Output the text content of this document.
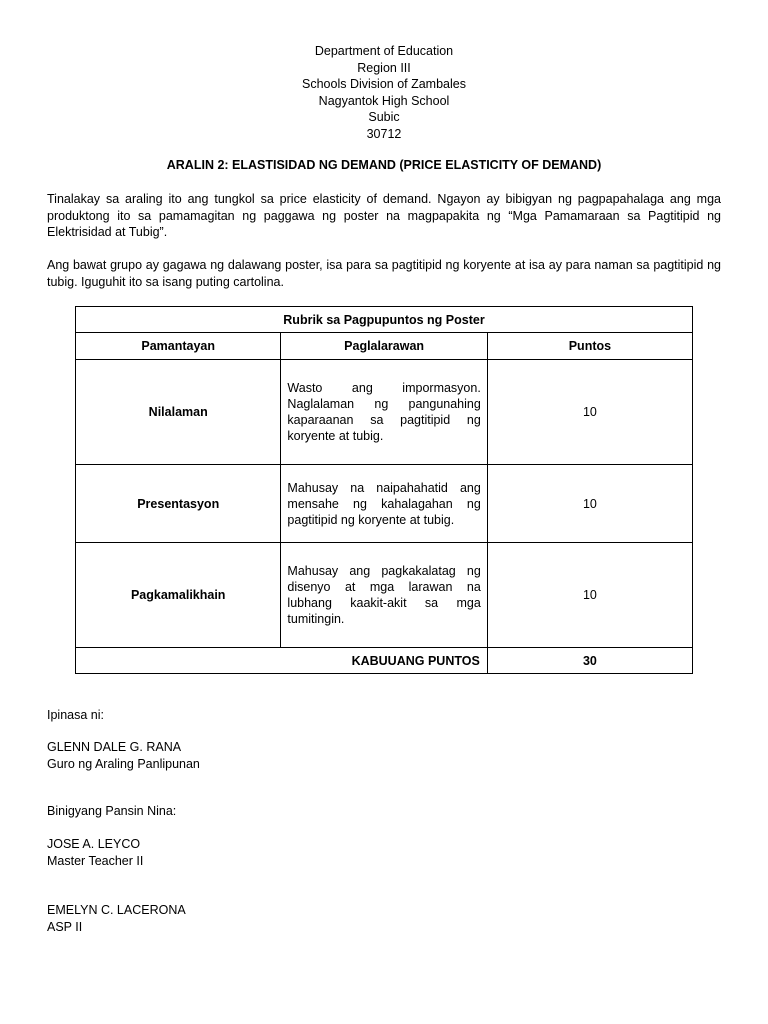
Department of Education
Region III
Schools Division of Zambales
Nagyantok High School
Subic
30712
ARALIN 2: ELASTISIDAD NG DEMAND (PRICE ELASTICITY OF DEMAND)
Tinalakay sa araling ito ang tungkol sa price elasticity of demand. Ngayon ay bibigyan ng pagpapahalaga ang mga produktong ito sa pamamagitan ng paggawa ng poster na magpapakita ng “Mga Pamamaraan sa Pagtitipid ng Elektrisidad at Tubig”.
Ang bawat grupo ay gagawa ng dalawang poster, isa para sa pagtitipid ng koryente at isa ay para naman sa pagtitipid ng tubig. Iguguhit ito sa isang puting cartolina.
Rubrik sa Pagpupuntos ng Poster		
Pamantayan	Paglalarawan	Puntos
Nilalaman	Wasto ang impormasyon. Naglalaman ng pangunahing kaparaanan sa pagtitipid ng koryente at tubig.	10
Presentasyon	Mahusay na naipahahatid ang mensahe ng kahalagahan ng pagtitipid ng koryente at tubig.	10
Pagkamalikhain	Mahusay ang pagkakalatag ng disenyo at mga larawan na lubhang kaakit-akit sa mga tumitingin.	10
KABUUANG PUNTOS		30
Ipinasa ni:
GLENN DALE G. RANA
Guro ng Araling Panlipunan
Binigyang Pansin Nina:
JOSE A. LEYCO
Master Teacher II
EMELYN C. LACERONA
ASP II
